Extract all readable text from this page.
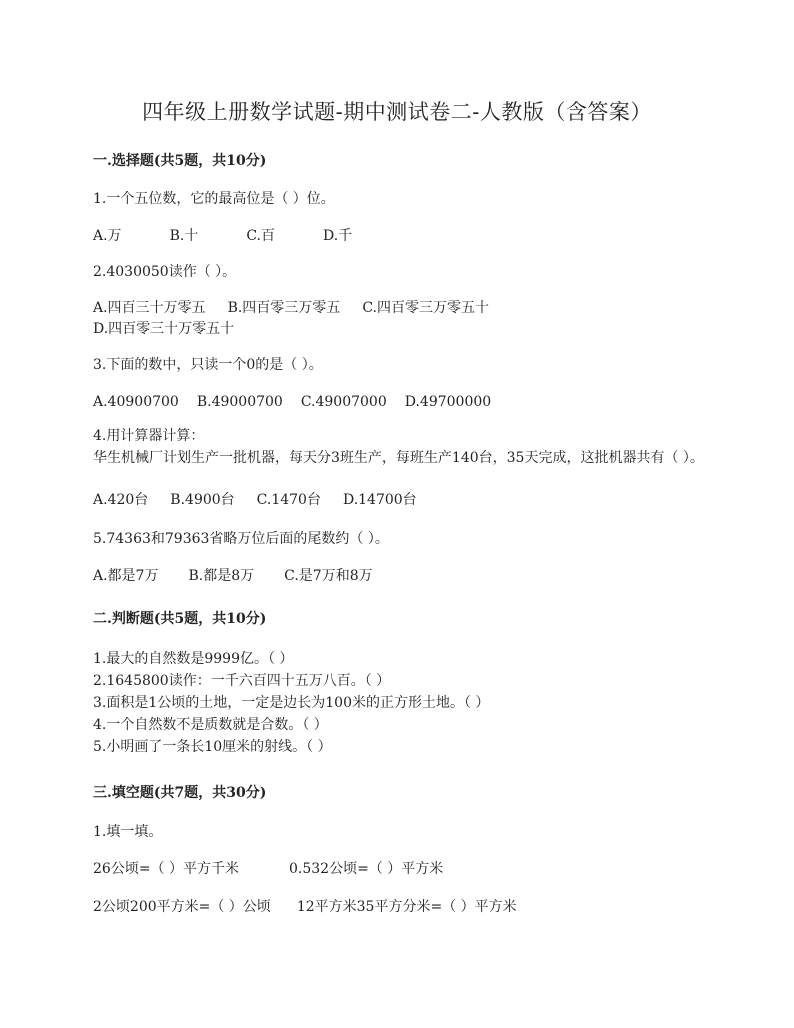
四年级上册数学试题-期中测试卷二-人教版（含答案）
一.选择题(共5题，共10分)
1.一个五位数，它的最高位是（ ）位。
A.万	B.十	C.百	D.千
2.4030050读作（ ）。
A.四百三十万零五 B.四百零三万零五 C.四百零三万零五十
D.四百零三十万零五十
3.下面的数中，只读一个0的是（ ）。
A.40900700 B.49000700 C.49007000 D.49700000
4.用计算器计算：
华生机械厂计划生产一批机器，每天分3班生产，每班生产140台，35天完成，这批机器共有（ ）。
A.420台 B.4900台 C.1470台 D.14700台
5.74363和79363省略万位后面的尾数约（ ）。
A.都是7万 B.都是8万 C.是7万和8万
二.判断题(共5题，共10分)
1.最大的自然数是9999亿。（ ）
2.1645800读作：一千六百四十五万八百。（ ）
3.面积是1公顷的土地，一定是边长为100米的正方形土地。（ ）
4.一个自然数不是质数就是合数。（ ）
5.小明画了一条长10厘米的射线。（ ）
三.填空题(共7题，共30分)
1.填一填。
26公顷=（ ）平方千米	0.532公顷=（ ）平方米
2公顷200平方米=（ ）公顷 12平方米35平方分米=（ ）平方米
